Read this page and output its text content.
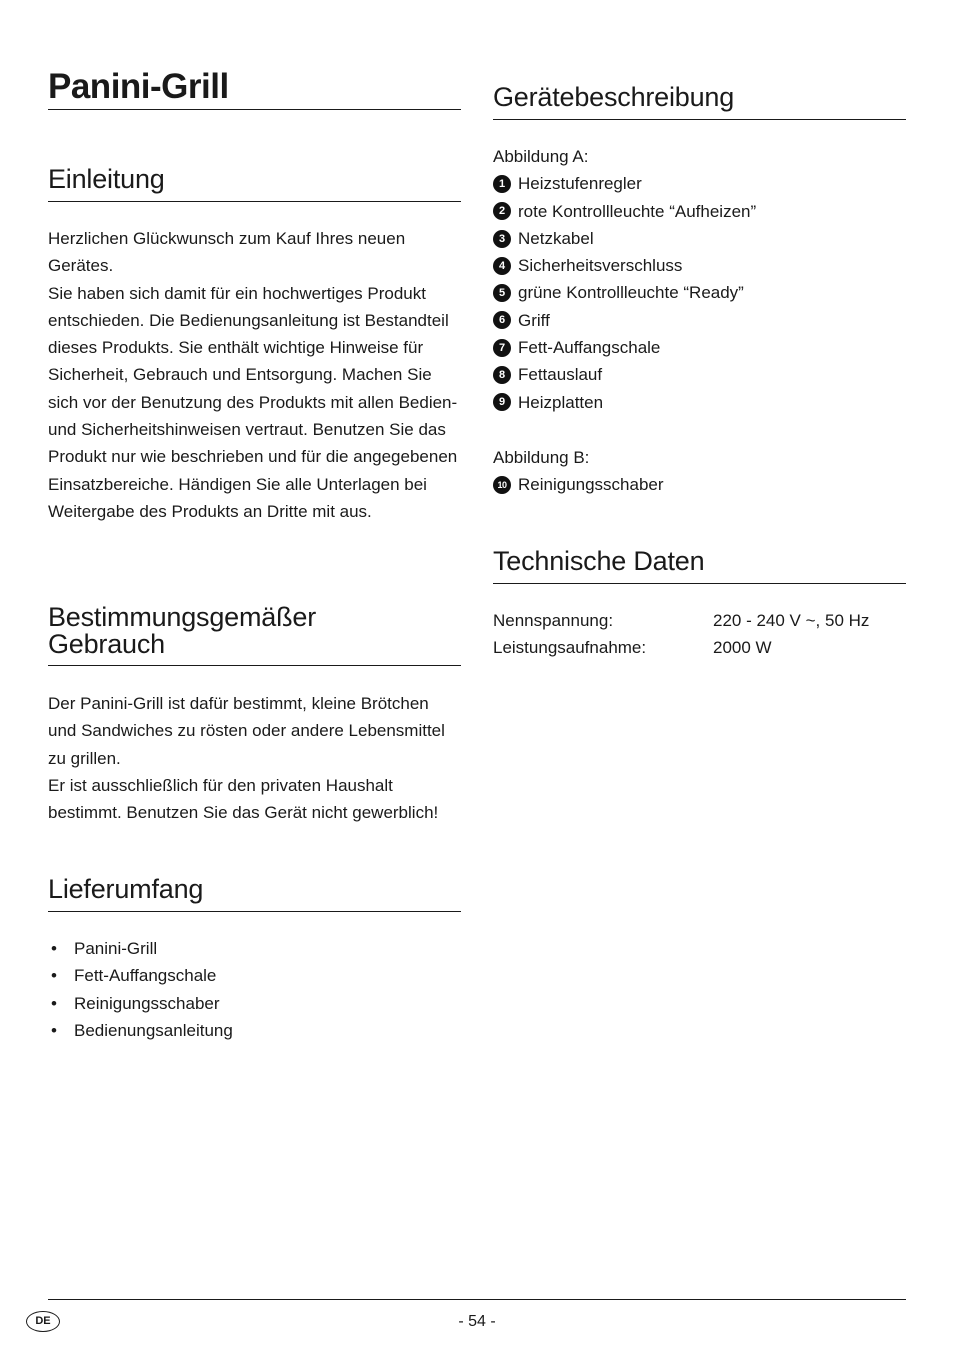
Panini-Grill
Einleitung

Herzlichen Glückwunsch zum Kauf Ihres neuen Gerätes.

Sie haben sich damit für ein hochwertiges Produkt entschieden. Die Bedienungsanleitung ist Bestandteil dieses Produkts. Sie enthält wichtige Hinweise für Sicherheit, Gebrauch und Entsorgung. Machen Sie sich vor der Benutzung des Produkts mit allen Bedien- und Sicherheitshinweisen vertraut. Benutzen Sie das Produkt nur wie beschrieben und für die angegebenen Einsatzbereiche. Händigen Sie alle Unterlagen bei Weitergabe des Produkts an Dritte mit aus.

Bestimmungsgemäßer
Gebrauch

Der Panini-Grill ist dafür bestimmt, kleine Brötchen und Sandwiches zu rösten oder andere Lebensmittel zu grillen.

Er ist ausschließlich für den privaten Haushalt bestimmt. Benutzen Sie das Gerät nicht gewerblich!

Lieferumfang
•	Panini-Grill
•	Fett-Auffangschale
•	Reinigungsschaber
•	Bedienungsanleitung
Gerätebeschreibung
Abbildung A:
1 Heizstufenregler
2 rote Kontrollleuchte “Aufheizen”
3 Netzkabel
4 Sicherheitsverschluss
5 grüne Kontrollleuchte “Ready”
6 Griff
7 Fett-Auffangschale
8 Fettauslauf
9 Heizplatten
Abbildung B:
10 Reinigungsschaber
Technische Daten
Nennspannung:	220 - 240 V ~, 50 Hz
Leistungsaufnahme:	2000 W
DE	- 54 -
